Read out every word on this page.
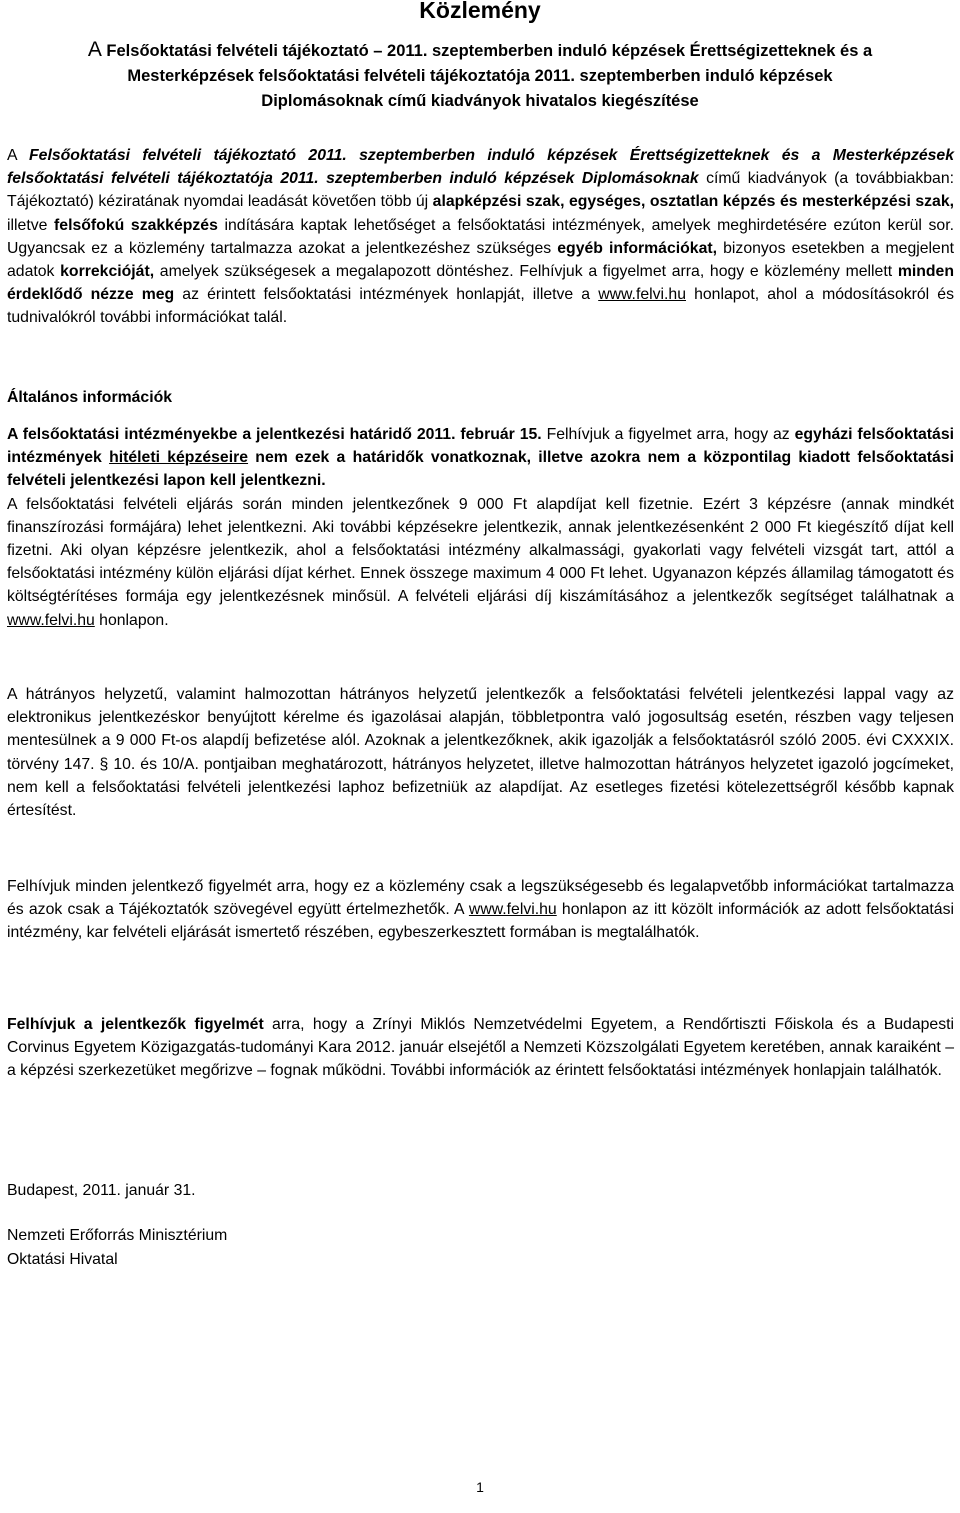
Közlemény
A Felsőoktatási felvételi tájékoztató – 2011. szeptemberben induló képzések Érettségizetteknek és a
Mesterképzések felsőoktatási felvételi tájékoztatója 2011. szeptemberben induló képzések
Diplomásoknak című kiadványok hivatalos kiegészítése
A Felsőoktatási felvételi tájékoztató 2011. szeptemberben induló képzések Érettségizetteknek és a Mesterképzések felsőoktatási felvételi tájékoztatója 2011. szeptemberben induló képzések Diplomásoknak című kiadványok (a továbbiakban: Tájékoztató) kéziratának nyomdai leadását követően több új alapképzési szak, egységes, osztatlan képzés és mesterképzési szak, illetve felsőfokú szakképzés indítására kaptak lehetőséget a felsőoktatási intézmények, amelyek meghirdetésére ezúton kerül sor. Ugyancsak ez a közlemény tartalmazza azokat a jelentkezéshez szükséges egyéb információkat, bizonyos esetekben a megjelent adatok korrekcióját, amelyek szükségesek a megalapozott döntéshez. Felhívjuk a figyelmet arra, hogy e közlemény mellett minden érdeklődő nézze meg az érintett felsőoktatási intézmények honlapját, illetve a www.felvi.hu honlapot, ahol a módosításokról és tudnivalókról további információkat talál.
Általános információk
A felsőoktatási intézményekbe a jelentkezési határidő 2011. február 15. Felhívjuk a figyelmet arra, hogy az egyházi felsőoktatási intézmények hitéleti képzéseire nem ezek a határidők vonatkoznak, illetve azokra nem a központilag kiadott felsőoktatási felvételi jelentkezési lapon kell jelentkezni.
A felsőoktatási felvételi eljárás során minden jelentkezőnek 9 000 Ft alapdíjat kell fizetnie. Ezért 3 képzésre (annak mindkét finanszírozási formájára) lehet jelentkezni. Aki további képzésekre jelentkezik, annak jelentkezésenként 2 000 Ft kiegészítő díjat kell fizetni. Aki olyan képzésre jelentkezik, ahol a felsőoktatási intézmény alkalmassági, gyakorlati vagy felvételi vizsgát tart, attól a felsőoktatási intézmény külön eljárási díjat kérhet. Ennek összege maximum 4 000 Ft lehet. Ugyanazon képzés államilag támogatott és költségtérítéses formája egy jelentkezésnek minősül. A felvételi eljárási díj kiszámításához a jelentkezők segítséget találhatnak a www.felvi.hu honlapon.
A hátrányos helyzetű, valamint halmozottan hátrányos helyzetű jelentkezők a felsőoktatási felvételi jelentkezési lappal vagy az elektronikus jelentkezéskor benyújtott kérelme és igazolásai alapján, többletpontra való jogosultság esetén, részben vagy teljesen mentesülnek a 9 000 Ft-os alapdíj befizetése alól. Azoknak a jelentkezőknek, akik igazolják a felsőoktatásról szóló 2005. évi CXXXIX. törvény 147. § 10. és 10/A. pontjaiban meghatározott, hátrányos helyzetet, illetve halmozottan hátrányos helyzetet igazoló jogcímeket, nem kell a felsőoktatási felvételi jelentkezési laphoz befizetniük az alapdíjat. Az esetleges fizetési kötelezettségről később kapnak értesítést.
Felhívjuk minden jelentkező figyelmét arra, hogy ez a közlemény csak a legszükségesebb és legalapvetőbb információkat tartalmazza és azok csak a Tájékoztatók szövegével együtt értelmezhetők. A www.felvi.hu honlapon az itt közölt információk az adott felsőoktatási intézmény, kar felvételi eljárását ismertető részében, egybeszerkesztett formában is megtalálhatók.
Felhívjuk a jelentkezők figyelmét arra, hogy a Zrínyi Miklós Nemzetvédelmi Egyetem, a Rendőrtiszti Főiskola és a Budapesti Corvinus Egyetem Közigazgatás-tudományi Kara 2012. január elsejétől a Nemzeti Közszolgálati Egyetem keretében, annak karaiként – a képzési szerkezetüket megőrizve – fognak működni. További információk az érintett felsőoktatási intézmények honlapjain találhatók.
Budapest, 2011. január 31.
Nemzeti Erőforrás Minisztérium
Oktatási Hivatal
1
